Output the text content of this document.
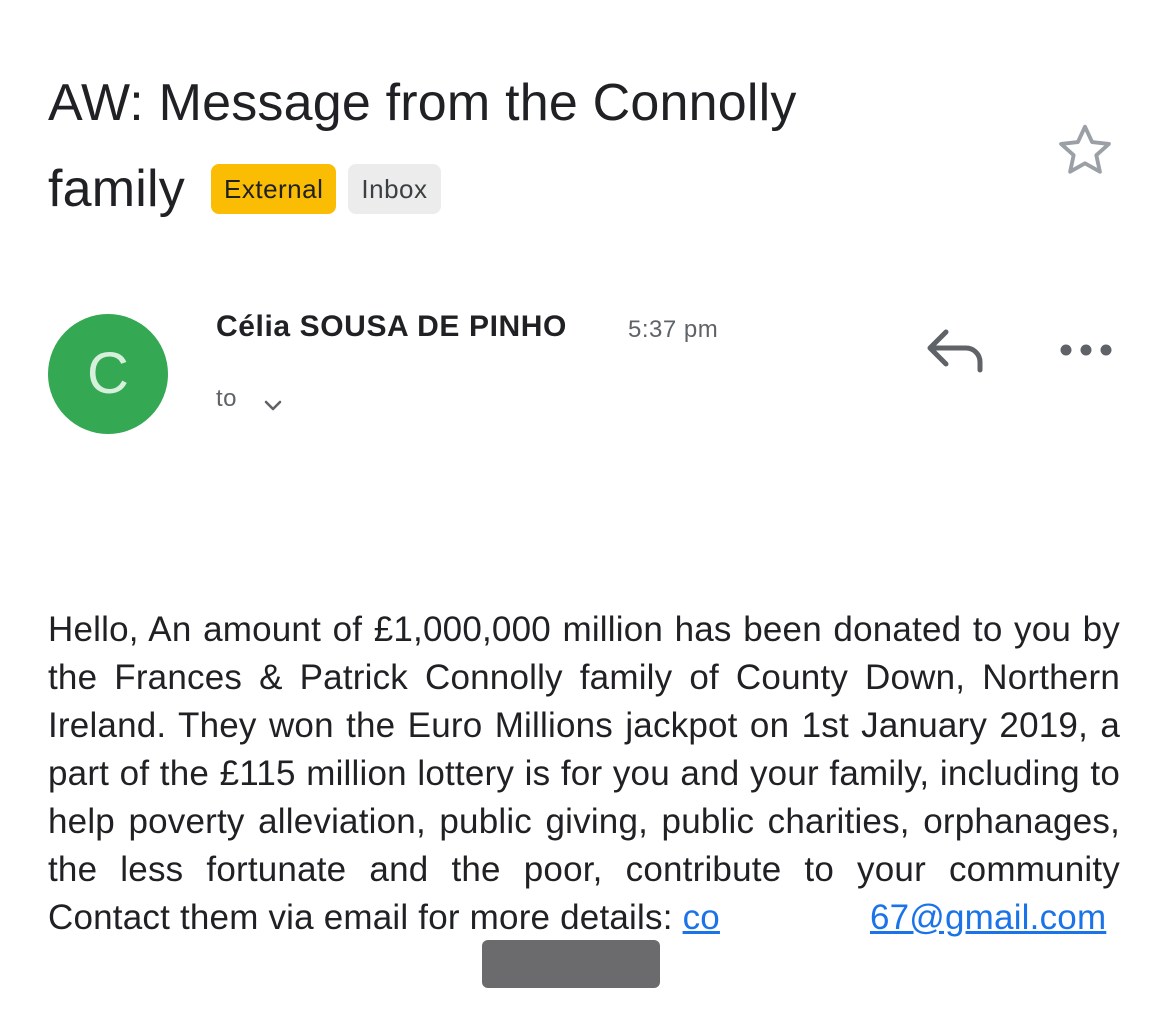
AW: Message from the Connolly
family	External	Inbox
C
Célia SOUSA DE PINHO	5:37 pm
to
Hello, An amount of £1,000,000 million has been donated to you by the Frances & Patrick Connolly family of County Down, Northern Ireland. They won the Euro Millions jackpot on 1st January 2019, a part of the £115 million lottery is for you and your family, including to help poverty alleviation, public giving, public charities, orphanages, the less fortunate and the poor, contribute to your community Contact them via email for more details: co	67@gmail.com
